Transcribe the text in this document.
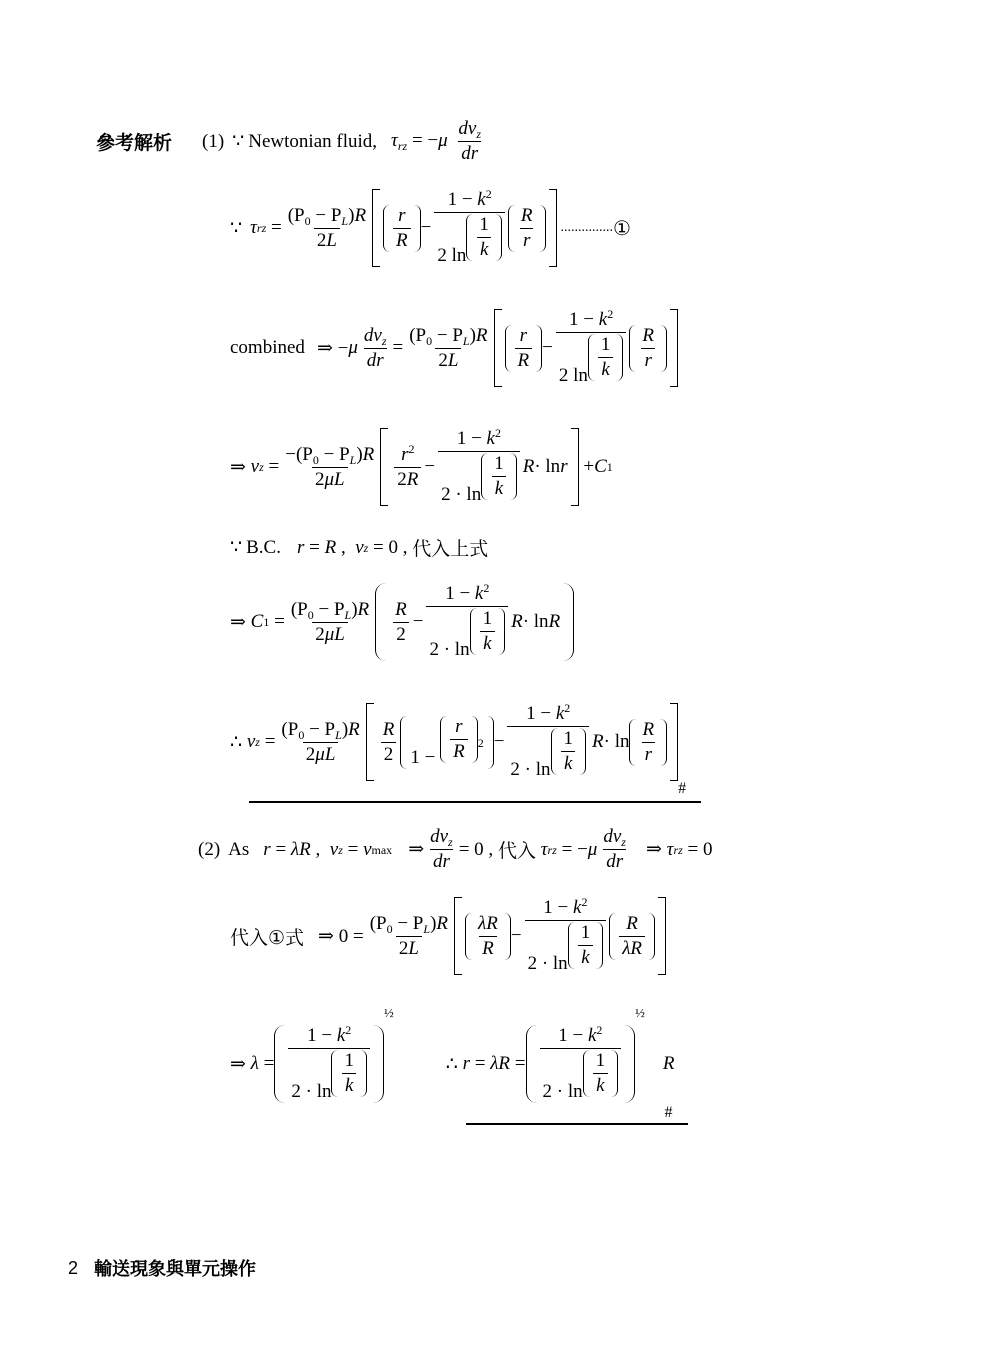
參考解析 (1) ∵ Newtonian fluid, $\tau_{rz} = -\mu \frac{dv_z}{dr}$
∵ τ rz = $\frac{(P_0 - P_L)R}{2L} \frac{r}{R} - \frac{1 - k^2}{2 \ln \frac{1}{k}} \frac{R}{r}$ ............... ①
combined ⇒ − μ $\frac{dv_z}{dr} = \frac{(P_0 - P_L)R}{2L} \frac{r}{R} - \frac{1 - k^2}{2 \ln \frac{1}{k}} \frac{R}{r}$
⇒ v $z = \frac{-(P_0 - P_L)R}{2\mu L} \frac{r^2}{2R} - \frac{1 - k^2}{2 \cdot \ln \frac{1}{k}}$ R · ln r + C 1
∵ B.C. r = R , v z = 0 , 代入上式
⇒ C $1 = \frac{(P_0 - P_L)R}{2\mu L} \frac{R}{2} - \frac{1 - k^2}{2 \cdot \ln \frac{1}{k}}$ R · ln R
∴
v $z = \frac{(P_0 - P_L)R}{2\mu L} \frac{R}{2} 1 - \frac{r}{R} ^2 - \frac{1 - k^2}{2 \cdot \ln \frac{1}{k}}$ $R \cdot \ln \frac{R}{r}$
#
(2) As r = λR , v z = v max ⇒ $\frac{dv_z}{dr} = 0$ , 代入
τ rz = − μ $\frac{dv_z}{dr}$ ⇒ τ rz = 0
代入①式 ⇒ $0 = \frac{(P_0 - P_L)R}{2L} \frac{\lambda R}{R} - \frac{1 - k^2}{2 \cdot \ln \frac{1}{k}} \frac{R}{\lambda R}$
⇒ $\lambda = \frac{1 - k^2}{2 \cdot \ln \frac{1}{k}}$
½
∴
$r = \lambda R = \frac{1 - k^2}{2 \cdot \ln \frac{1}{k}}$
½
R
#
2 輸送現象與單元操作
